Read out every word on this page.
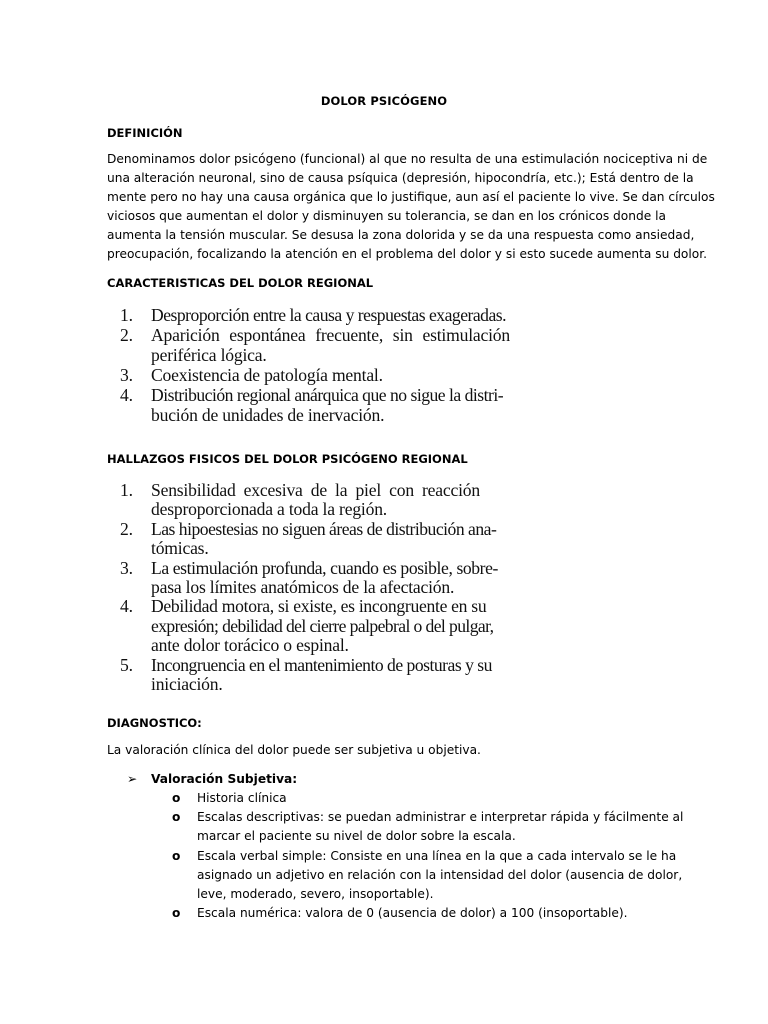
DOLOR PSICÓGENO
DEFINICIÓN
Denominamos dolor psicógeno (funcional) al que no resulta de una estimulación nociceptiva ni de
una alteración neuronal, sino de causa psíquica (depresión, hipocondría, etc.); Está dentro de la
mente pero no hay una causa orgánica que lo justifique, aun así el paciente lo vive. Se dan círculos
viciosos que aumentan el dolor y disminuyen su tolerancia, se dan en los crónicos donde la
aumenta la tensión muscular. Se desusa la zona dolorida y se da una respuesta como ansiedad,
preocupación, focalizando la atención en el problema del dolor y si esto sucede aumenta su dolor.
CARACTERISTICAS DEL DOLOR REGIONAL
1.	Desproporción entre la causa y respuestas exageradas.
2.	Aparición espontánea frecuente, sin estimulación
periférica lógica.
3.	Coexistencia de patología mental.
4.	Distribución regional anárquica que no sigue la distri-
bución de unidades de inervación.
HALLAZGOS FISICOS DEL DOLOR PSICÓGENO REGIONAL
1.	Sensibilidad excesiva de la piel con reacción
desproporcionada a toda la región.
2.	Las hipoestesias no siguen áreas de distribución ana-
tómicas.
3.	La estimulación profunda, cuando es posible, sobre-
pasa los límites anatómicos de la afectación.
4.	Debilidad motora, si existe, es incongruente en su
expresión; debilidad del cierre palpebral o del pulgar,
ante dolor torácico o espinal.
5.	Incongruencia en el mantenimiento de posturas y su
iniciación.
DIAGNOSTICO:
La valoración clínica del dolor puede ser subjetiva u objetiva.
➢	Valoración Subjetiva:
o Historia clínica
o Escalas descriptivas: se puedan administrar e interpretar rápida y fácilmente al
marcar el paciente su nivel de dolor sobre la escala.
o Escala verbal simple: Consiste en una línea en la que a cada intervalo se le ha
asignado un adjetivo en relación con la intensidad del dolor (ausencia de dolor,
leve, moderado, severo, insoportable).
o Escala numérica: valora de 0 (ausencia de dolor) a 100 (insoportable).
